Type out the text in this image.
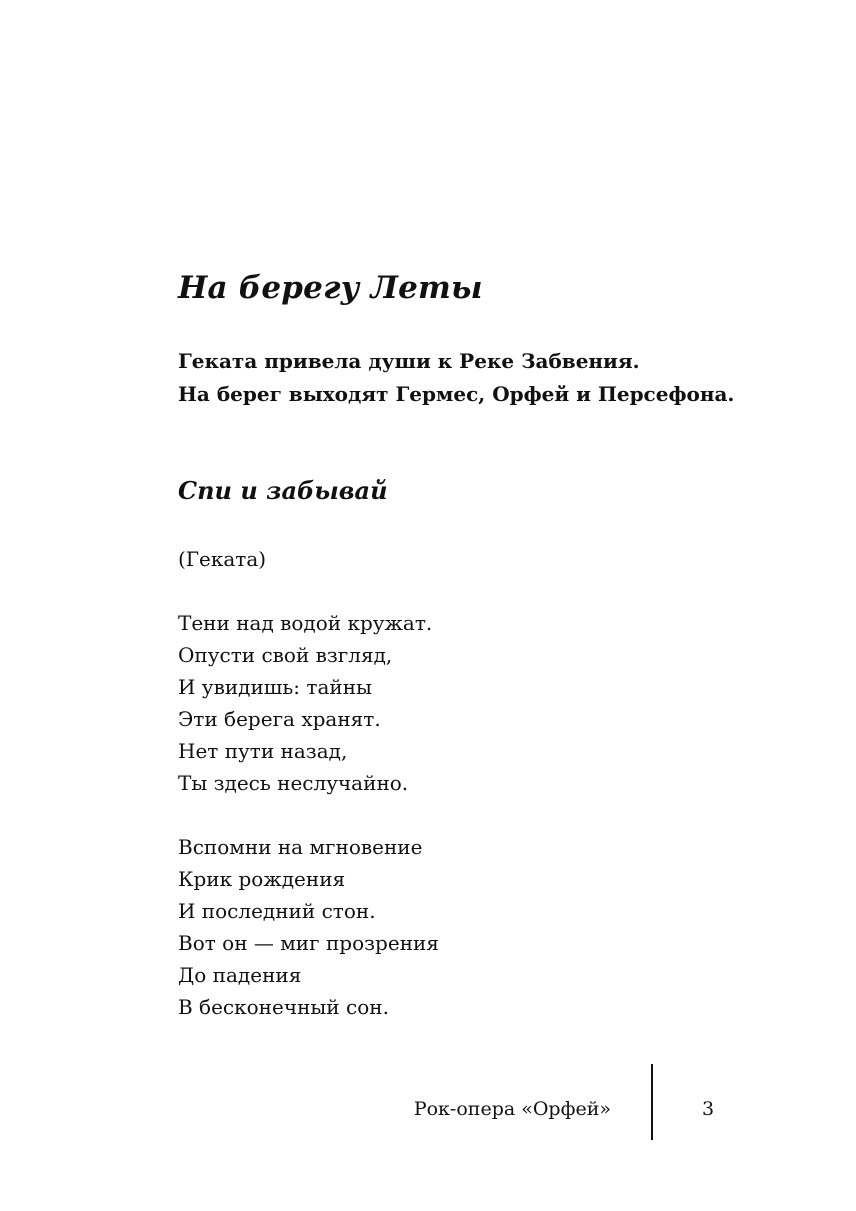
На берегу Леты

Геката привела души к Реке Забвения.
На берег выходят Гермес, Орфей и Персефона.

Спи и забывай
(Геката)

Тени над водой кружат.
Опусти свой взгляд,
И увидишь: тайны
Эти берега хранят.
Нет пути назад,
Ты здесь неслучайно.

Вспомни на мгновение
Крик рождения
И последний стон.
Вот он — миг прозрения
До падения
В бесконечный сон.

Рок-опера «Орфей»	3
